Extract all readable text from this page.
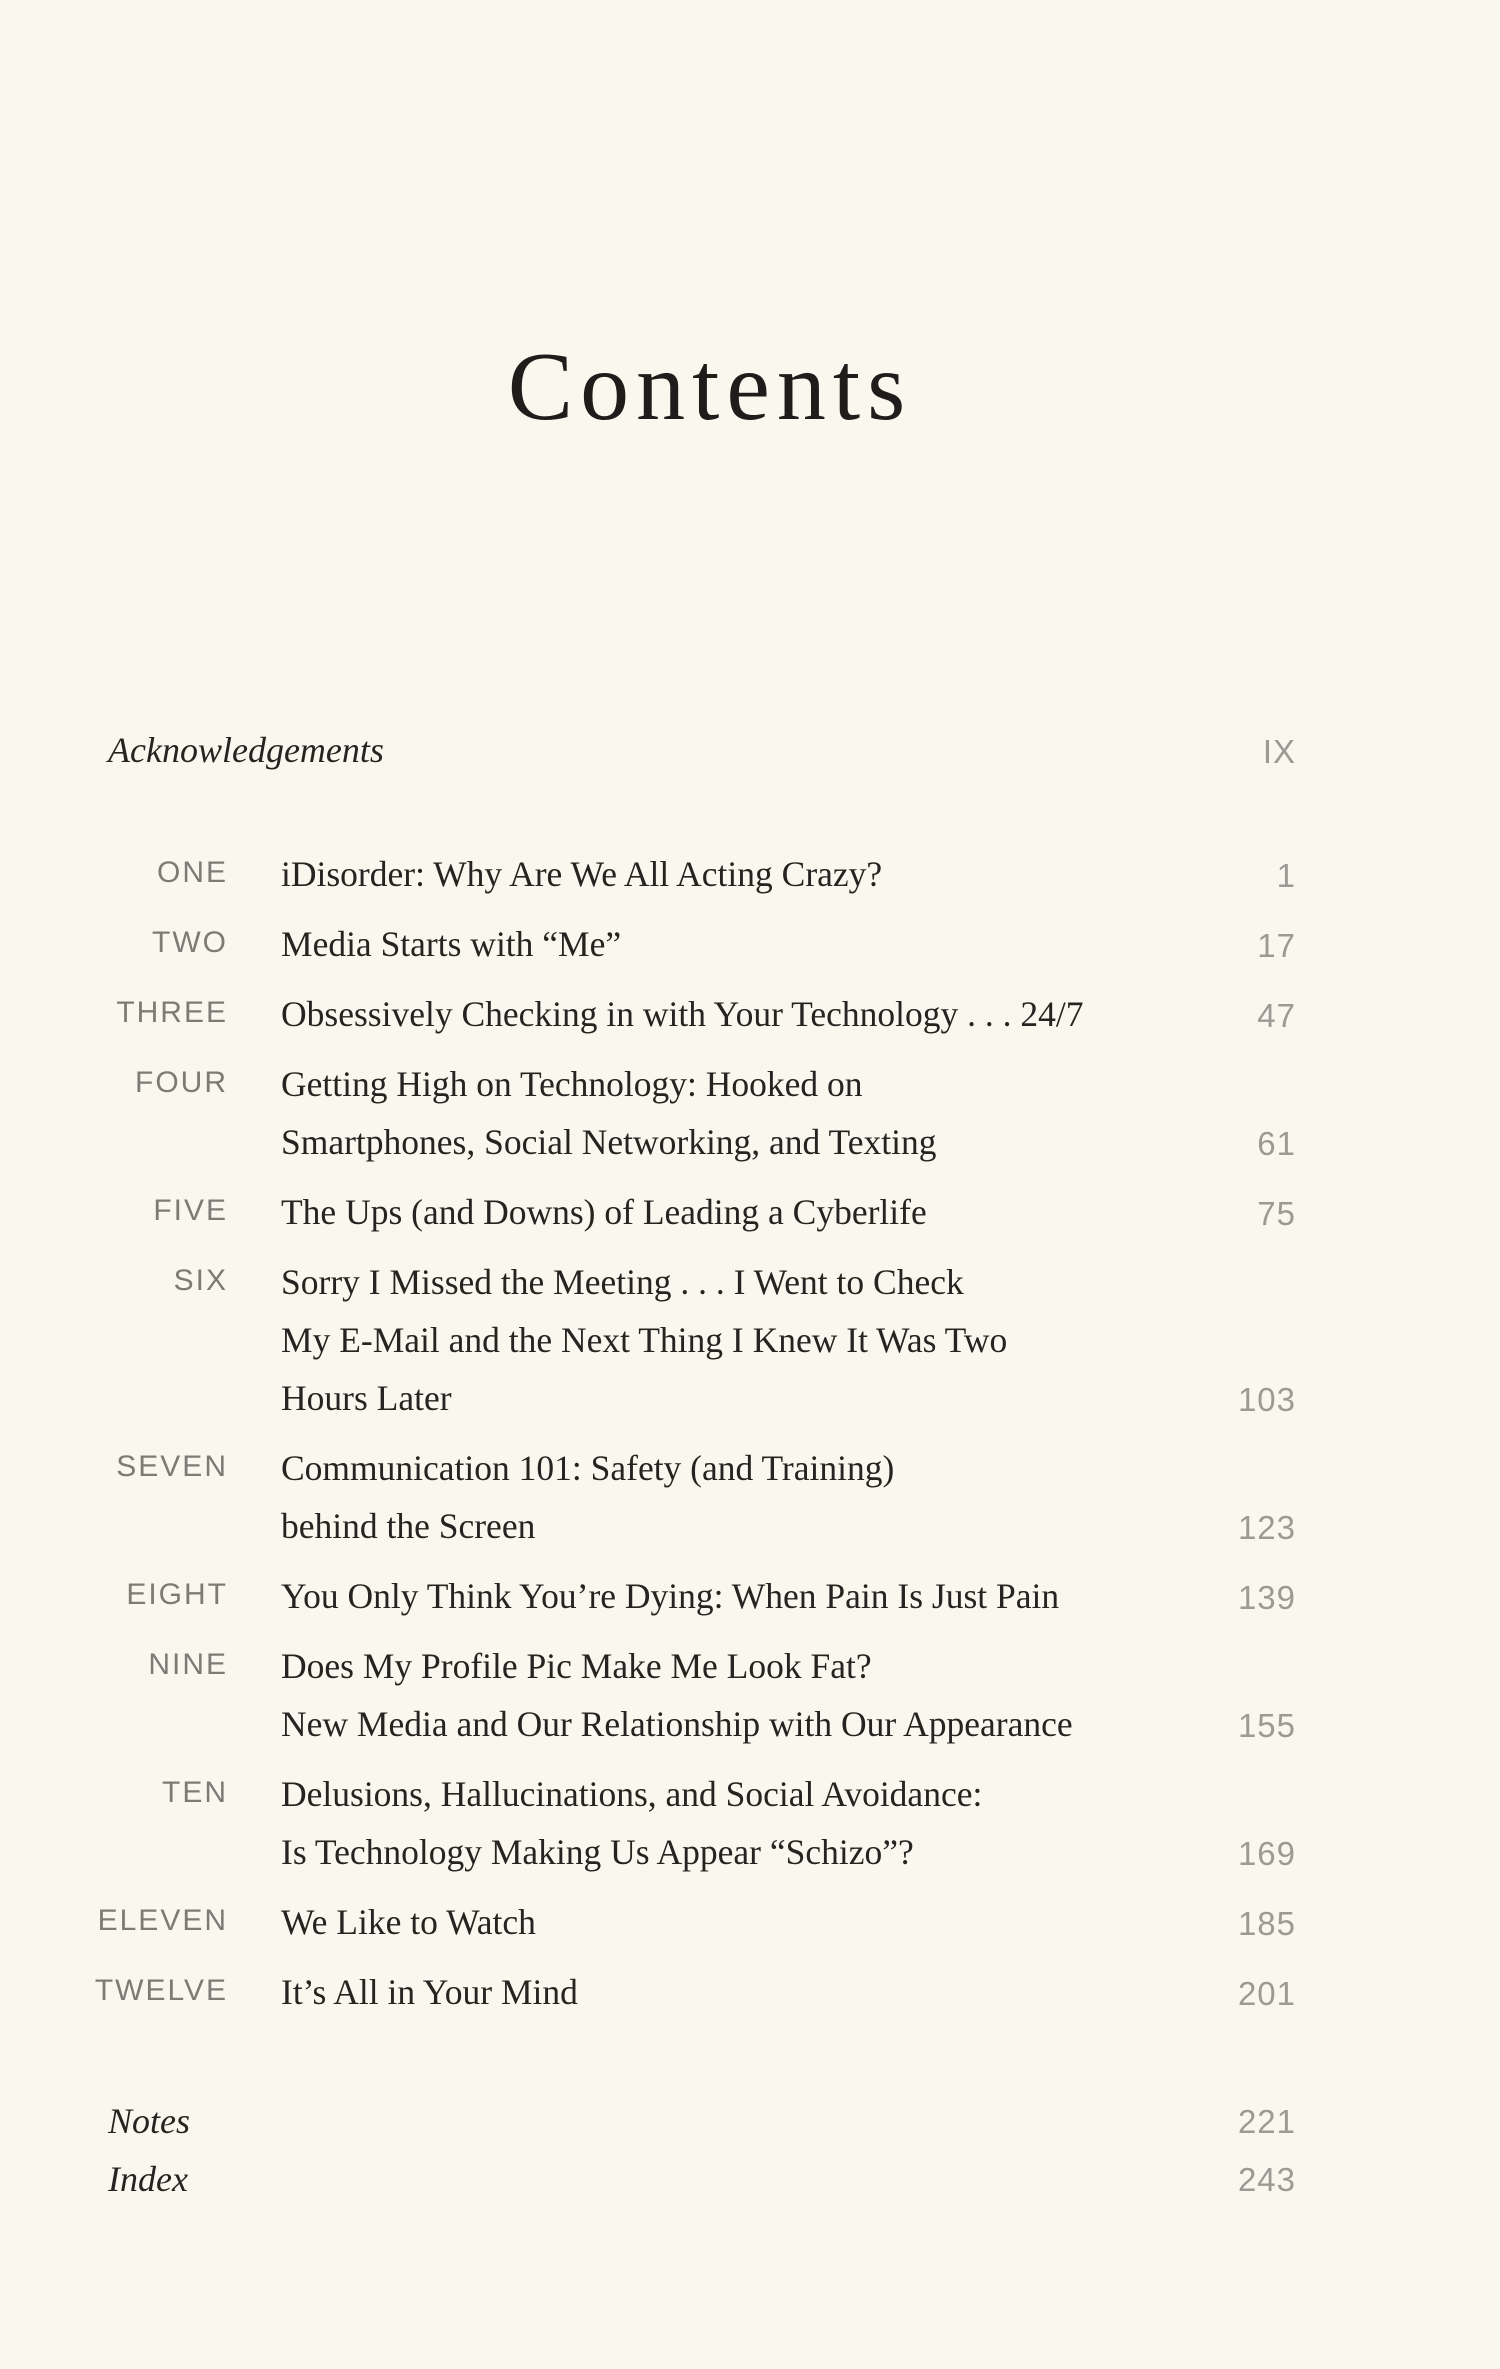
Contents
Acknowledgements	IX
ONE iDisorder: Why Are We All Acting Crazy?	1
TWO Media Starts with “Me”	17
THREE Obsessively Checking in with Your Technology . . . 24/7	47
FOUR Getting High on Technology: Hooked on
Smartphones, Social Networking, and Texting	61
FIVE The Ups (and Downs) of Leading a Cyberlife	75
SIX Sorry I Missed the Meeting . . . I Went to Check
My E-Mail and the Next Thing I Knew It Was Two
Hours Later	103
SEVEN Communication 101: Safety (and Training)
behind the Screen	123
EIGHT You Only Think You’re Dying: When Pain Is Just Pain	139
NINE Does My Profile Pic Make Me Look Fat?
New Media and Our Relationship with Our Appearance	155
TEN Delusions, Hallucinations, and Social Avoidance:
Is Technology Making Us Appear “Schizo”?	169
ELEVEN We Like to Watch	185
TWELVE It’s All in Your Mind	201
Notes	221
Index	243
